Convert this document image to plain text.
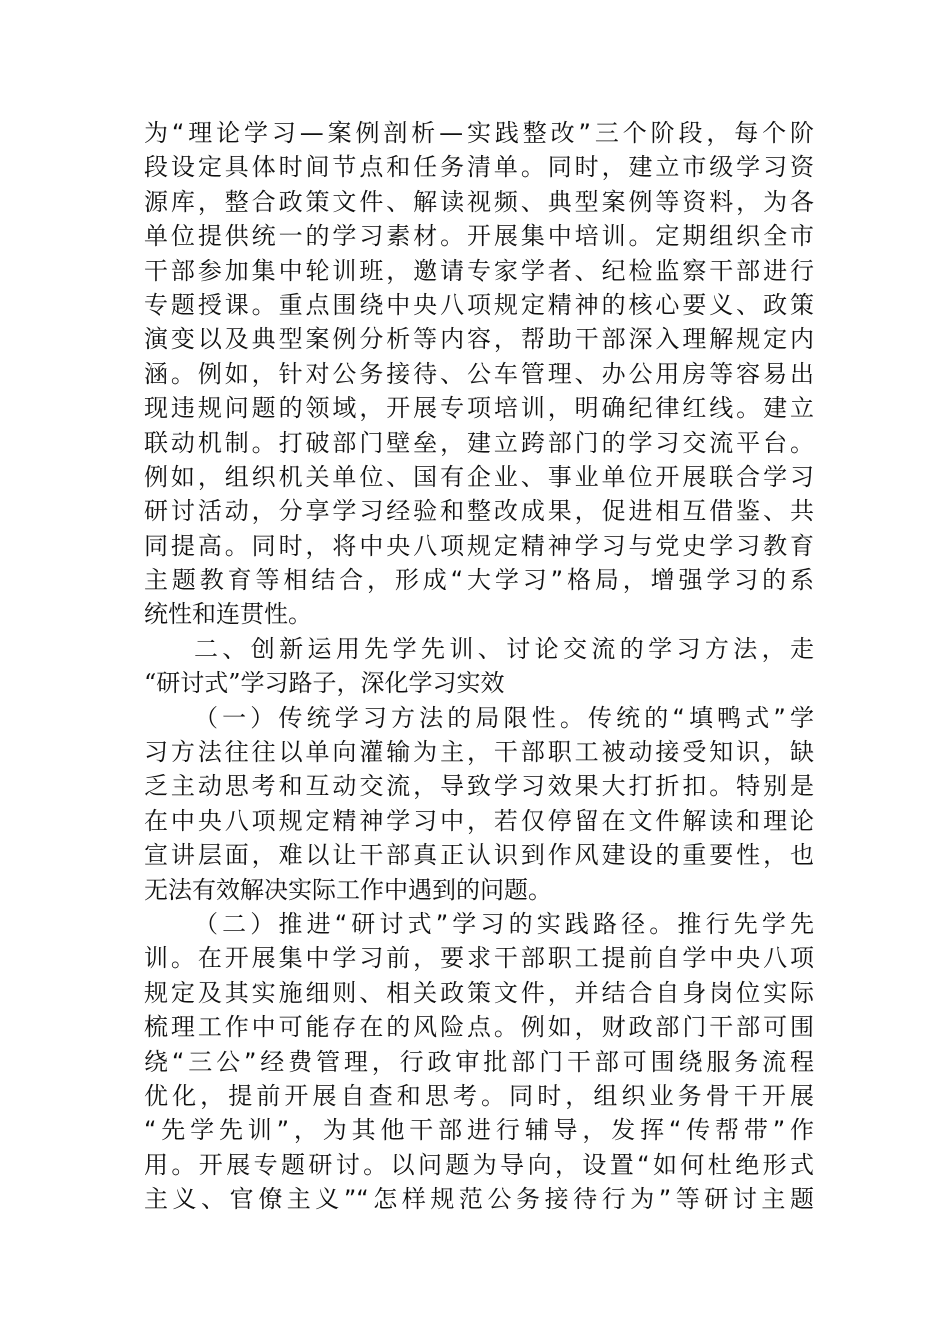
为“理论学习—案例剖析—实践整改”三个阶段，每个阶
段设定具体时间节点和任务清单。同时，建立市级学习资
源库，整合政策文件、解读视频、典型案例等资料，为各
单位提供统一的学习素材。开展集中培训。定期组织全市
干部参加集中轮训班，邀请专家学者、纪检监察干部进行
专题授课。重点围绕中央八项规定精神的核心要义、政策
演变以及典型案例分析等内容，帮助干部深入理解规定内
涵。例如，针对公务接待、公车管理、办公用房等容易出
现违规问题的领域，开展专项培训，明确纪律红线。建立
联动机制。打破部门壁垒，建立跨部门的学习交流平台。
例如，组织机关单位、国有企业、事业单位开展联合学习
研讨活动，分享学习经验和整改成果，促进相互借鉴、共
同提高。同时，将中央八项规定精神学习与党史学习教育
主题教育等相结合，形成“大学习”格局，增强学习的系
统性和连贯性。
二、创新运用先学先训、讨论交流的学习方法，走
“研讨式”学习路子，深化学习实效
（一）传统学习方法的局限性。传统的“填鸭式”学
习方法往往以单向灌输为主，干部职工被动接受知识，缺
乏主动思考和互动交流，导致学习效果大打折扣。特别是
在中央八项规定精神学习中，若仅停留在文件解读和理论
宣讲层面，难以让干部真正认识到作风建设的重要性，也
无法有效解决实际工作中遇到的问题。
（二）推进“研讨式”学习的实践路径。推行先学先
训。在开展集中学习前，要求干部职工提前自学中央八项
规定及其实施细则、相关政策文件，并结合自身岗位实际
梳理工作中可能存在的风险点。例如，财政部门干部可围
绕“三公”经费管理，行政审批部门干部可围绕服务流程
优化，提前开展自查和思考。同时，组织业务骨干开展
“先学先训”，为其他干部进行辅导，发挥“传帮带”作
用。开展专题研讨。以问题为导向，设置“如何杜绝形式
主义、官僚主义”“怎样规范公务接待行为”等研讨主题
